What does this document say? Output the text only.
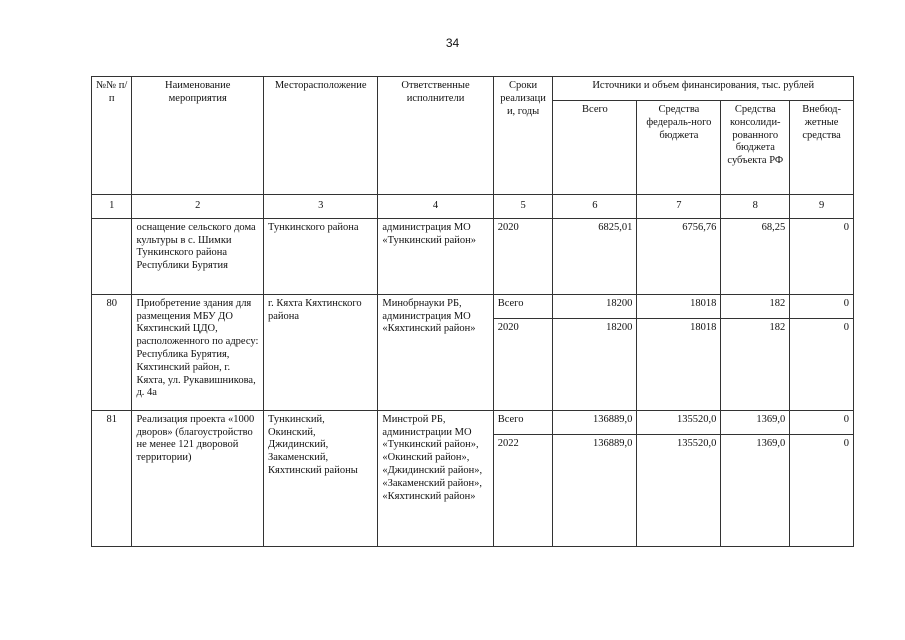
34
№№ п/п	Наименование мероприятия	Месторасположение	Ответственные исполнители	Сроки реализации, годы	Источники и объем финансирования, тыс. рублей			
					Всего	Средства федераль-ного бюджета	Средства консолиди-рованного бюджета субъекта РФ	Внебюд-жетные средства
1	2	3	4	5	6	7	8	9
	оснащение сельского дома культуры в с. Шимки Тункинского района Республики Бурятия	Тункинского района	администрация МО «Тункинский район»	2020	6825,01	6756,76	68,25	0
80	Приобретение здания для размещения МБУ ДО Кяхтинский ЦДО, расположенного по адресу: Республика Бурятия, Кяхтинский район, г. Кяхта, ул. Рукавишникова, д. 4а	г. Кяхта Кяхтинского района	Минобрнауки РБ, администрация МО «Кяхтинский район»	Всего	18200	18018	182	0
				2020	18200	18018	182	0
81	Реализация проекта «1000 дворов» (благоустройство не менее 121 дворовой территории)	Тункинский, Окинский, Джидинский, Закаменский, Кяхтинский районы	Минстрой РБ, администрации МО «Тункинский район», «Окинский район», «Джидинский район», «Закаменский район», «Кяхтинский район»	Всего	136889,0	135520,0	1369,0	0
				2022	136889,0	135520,0	1369,0	0
